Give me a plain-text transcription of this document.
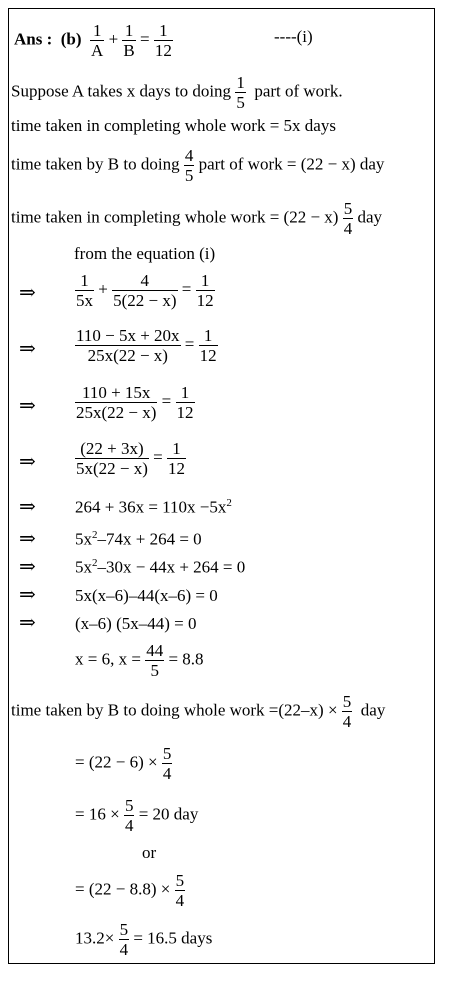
Ans : $(b) \frac{1}{A} + \frac{1}{B} = \frac{1}{12}$	----(i)
Suppose A takes x days to doing $\frac{1}{5}$ part of work.
time taken in completing whole work = 5x days
time taken by B to doing $\frac{4}{5}$ part of work = (22 − x) day
time taken in completing whole work = $(22 - x) \frac{5}{4}$ day
from the equation (i)
⇒ $\frac{1}{5x} + \frac{4}{5(22 - x)} = \frac{1}{12}$
⇒ $\frac{110 - 5x + 20x}{25x(22 - x)} = \frac{1}{12}$
⇒ $\frac{110 + 15x}{25x(22 - x)} = \frac{1}{12}$
⇒ $\frac{(22 + 3x)}{5x(22 - x)} = \frac{1}{12}$
⇒ $264 + 36x = 110x -5x^2$
⇒ $5x^2-74x + 264 = 0$
⇒ $5x^2-30x - 44x + 264 = 0$
⇒ 5x(x–6)–44(x–6) = 0
⇒ (x–6) (5x–44) = 0
x = 6, $x = \frac{44}{5} = 8.8$
time taken by B to doing whole work $=(22-x) \times \frac{5}{4}$ day
= $(22 - 6) \times \frac{5}{4}$
= $16 \times \frac{5}{4} = 20$ day
or
= $(22 - 8.8) \times \frac{5}{4}$
$13.2\times \frac{5}{4} = 16.5$ days
